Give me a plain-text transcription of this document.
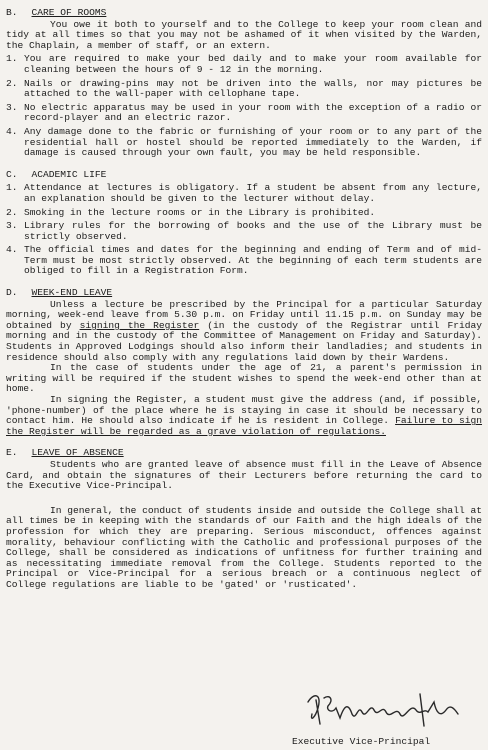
B. CARE OF ROOMS

You owe it both to yourself and to the College to keep your room clean and tidy at all times so that you may not be ashamed of it when visited by the Warden, the Chaplain, a member of staff, or an extern.

1. You are required to make your bed daily and to make your room available for cleaning between the hours of 9 - 12 in the morning.
2. Nails or drawing-pins may not be driven into the walls, nor may pictures be attached to the wall-paper with cellophane tape.
3. No electric apparatus may be used in your room with the exception of a radio or record-player and an electric razor.
4. Any damage done to the fabric or furnishing of your room or to any part of the residential hall or hostel should be reported immediately to the Warden, if damage is caused through your own fault, you may be held responsible.
C. ACADEMIC LIFE
1. Attendance at lectures is obligatory. If a student be absent from any lecture, an explanation should be given to the lecturer without delay.
2. Smoking in the lecture rooms or in the Library is prohibited.
3. Library rules for the borrowing of books and the use of the Library must be strictly observed.
4. The official times and dates for the beginning and ending of Term and of mid-Term must be most strictly observed. At the beginning of each term students are obliged to fill in a Registration Form.
D. WEEK-END LEAVE

Unless a lecture be prescribed by the Principal for a particular Saturday morning, week-end leave from 5.30 p.m. on Friday until 11.15 p.m. on Sunday may be obtained by signing the Register (in the custody of the Registrar until Friday morning and in the custody of the Committee of Management on Friday and Saturday). Students in Approved Lodgings should also inform their landladies; and students in residence should also comply with any regulations laid down by their Wardens.

In the case of students under the age of 21, a parent's permission in writing will be required if the student wishes to spend the week-end other than at home.

In signing the Register, a student must give the address (and, if possible, 'phone-number) of the place where he is staying in case it should be necessary to contact him. He should also indicate if he is resident in College. Failure to sign the Register will be regarded as a grave violation of regulations.

E. LEAVE OF ABSENCE

Students who are granted leave of absence must fill in the Leave of Absence Card, and obtain the signatures of their Lecturers before returning the card to the Executive Vice-Principal.

In general, the conduct of students inside and outside the College shall at all times be in keeping with the standards of our Faith and the high ideals of the profession for which they are preparing. Serious misconduct, offences against morality, behaviour conflicting with the Catholic and professional purposes of the College, shall be considered as indications of unfitness for further training and as necessitating immediate removal from the College. Students reported to the Principal or Vice-Principal for a serious breach or a continuous neglect of College regulations are liable to be 'gated' or 'rusticated'.

Executive Vice-Principal
